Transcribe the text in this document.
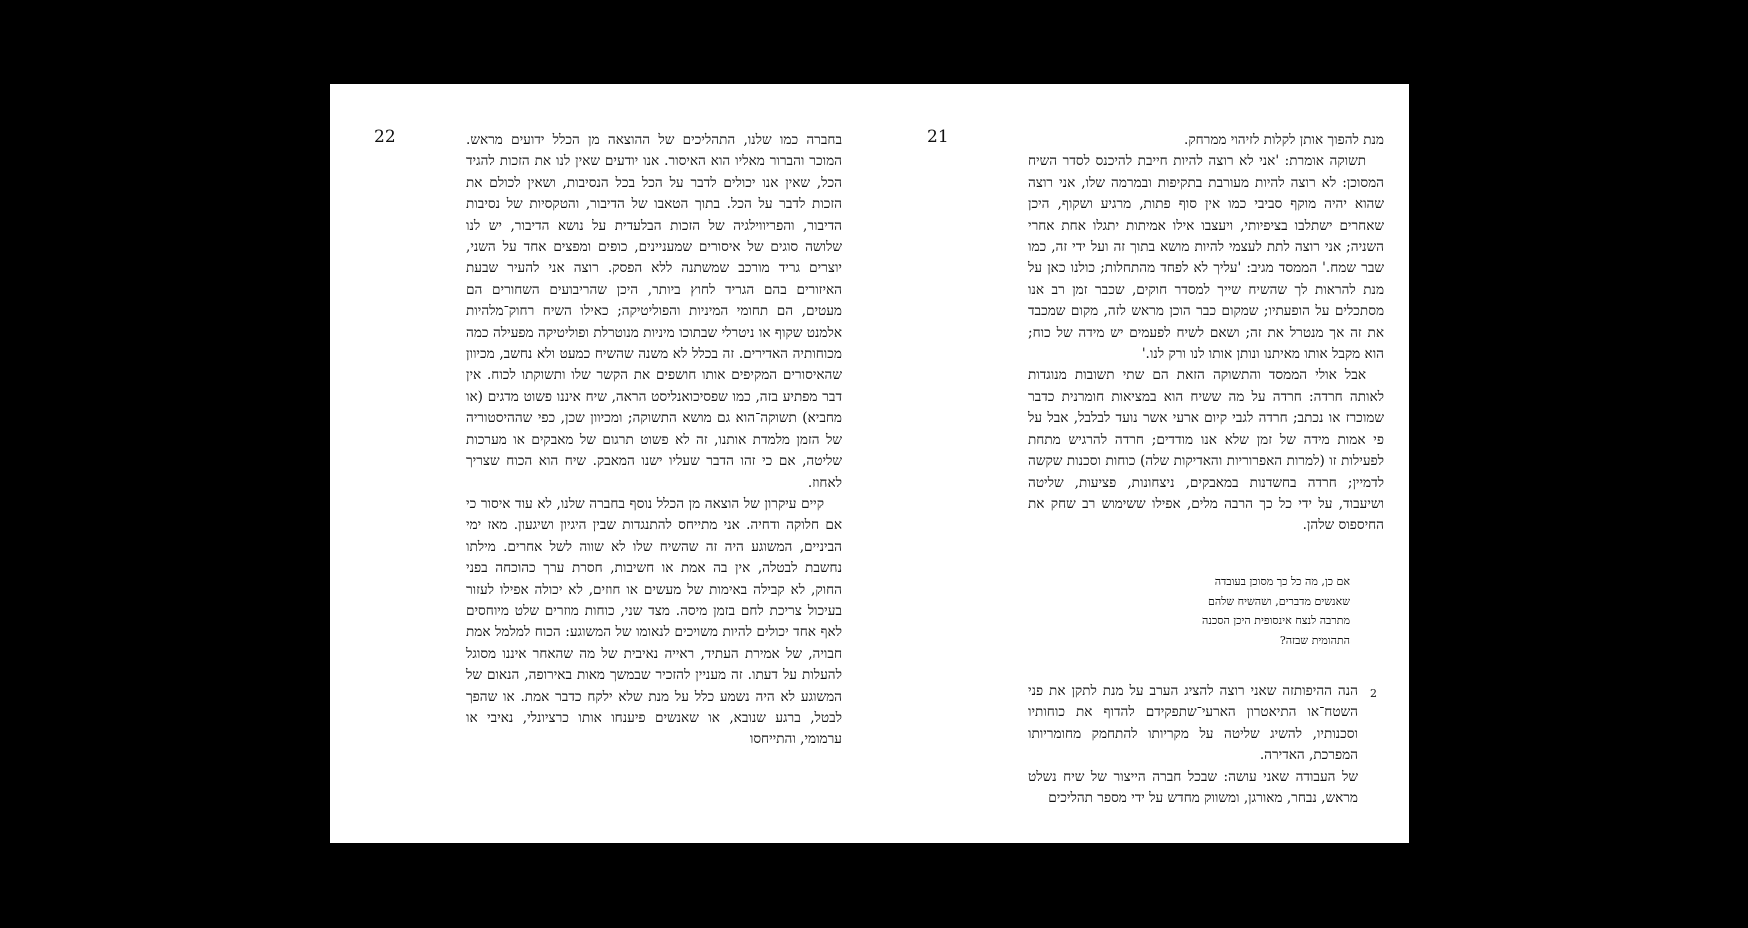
22	בחברה כמו שלנו, התהליכים של ההוצאה מן הכלל ידועים מראש. המוכר והברור מאליו הוא האיסור. אנו יודעים שאין לנו את הזכות להגיד הכל, שאין אנו יכולים לדבר על הכל בכל הנסיבות, ושאין לכולם את הזכות לדבר על הכל. בתוך הטאבו של הדיבור, והטקסיות של נסיבות הדיבור, והפריווילגיה של הזכות הבלעדית על נושא הדיבור, יש לנו שלושה סוגים של איסורים שמעניינים, כופים ומפצים אחד על השני, יוצרים גריד מורכב שמשתנה ללא הפסק. רוצה אני להעיר שבעת האיזורים בהם הגריד לחוץ ביותר, היכן שהריבועים השחורים הם מעטים, הם תחומי המיניות והפוליטיקה; כאילו השיח רחוק־מלהיות אלמנט שקוף או ניטרלי שבתוכו מיניות מנוטרלת ופוליטיקה מפעילה כמה מכוחותיה האדירים. זה בכלל לא משנה שהשיח כמעט ולא נחשב, מכיוון שהאיסורים המקיפים אותו חושפים את הקשר שלו ותשוקתו לכוח. אין דבר מפתיע בזה, כמו שפסיכואנליסט הראה, שיח איננו פשוט מדגים (או מחביא) תשוקה־הוא גם מושא התשוקה; ומכיוון שכן, כפי שההיסטוריה של הזמן מלמדת אותנו, זה לא פשוט תרגום של מאבקים או מערכות שליטה, אם כי זהו הדבר שעליו ישנו המאבק. שיח הוא הכוח שצריך לאחוז.

קיים עיקרון של הוצאה מן הכלל נוסף בחברה שלנו, לא עוד איסור כי אם חלוקה ודחיה. אני מתייחס להתנגדות שבין היגיון ושיגעון. מאז ימי הביניים, המשוגע היה זה שהשיח שלו לא שווה לשל אחרים. מילתו נחשבת לבטלה, אין בה אמת או חשיבות, חסרת ערך כהוכחה בפני החוק, לא קבילה באימות של מעשים או חוזים, לא יכולה אפילו לעזור בעיכול צריכת לחם בזמן מיסה. מצד שני, כוחות מוזרים שלט מיוחסים לאף אחד יכולים להיות משויכים לנאומו של המשוגע: הכוח למלמל אמת חבויה, של אמירת העתיד, ראייה נאיבית של מה שהאחר איננו מסוגל להעלות על דעתו. זה מעניין להזכיר שבמשך מאות באירופה, הנאום של המשוגע לא היה נשמע כלל על מנת שלא ילקח כדבר אמת. או שהפך לבטל, ברגע שנובא, או שאנשים פיענחו אותו כרציונלי, נאיבי או ערמומי, והתייחסו

21	מנת להפוך אותן לקלות לזיהוי ממרחק.

תשוקה אומרת: 'אני לא רוצה להיות חייבת להיכנס לסדר השיח המסוכן: לא רוצה להיות מעורבת בתקיפות ובמרמה שלו, אני רוצה שהוא יהיה מוקף סביבי כמו אין סוף פתות, מרגיע ושקוף, היכן שאחרים ישתלבו בציפיותי, ויעצבו אילו אמיתות יתגלו אחת אחרי השניה; אני רוצה לתת לעצמי להיות מושא בתוך זה ועל ידי זה, כמו שבר שמח.' הממסד מגיב: 'עליך לא לפחד מהתחלות; כולנו כאן על מנת להראות לך שהשיח שייך למסדר חוקים, שכבר זמן רב אנו מסתכלים על הופעתיו; שמקום כבר הוכן מראש לזה, מקום שמכבד את זה אך מנטרל את זה; ושאם לשיח לפעמים יש מידה של כוח; הוא מקבל אותו מאיתנו ונותן אותו לנו ורק לנו.'

אבל אולי הממסד והתשוקה הזאת הם שתי תשובות מנוגדות לאותה חרדה: חרדה על מה ששיח הוא במציאות חומרנית כדבר שמוכרז או נכתב; חרדה לגבי קיום ארעי אשר נועד לבלבל, אבל על פי אמות מידה של זמן שלא אנו מודדים; חרדה להרגיש מתחת לפעילות זו (למרות האפרוריות והאדיקות שלה) כוחות וסכנות שקשה לדמיין; חרדה בחשדנות במאבקים, ניצחונות, פציעות, שליטה ושיעבוד, על ידי כל כך הרבה מלים, אפילו ששימוש רב שחק את החיספוס שלהן.

אם כן, מה כל כך מסוכן בעובדה
שאנשים מדברים, ושהשיח שלהם
מתרבה לנצח אינסופית היכן הסכנה
התהומית שבזה?
2

הנה ההיפותזה שאני רוצה להציג הערב על מנת לתקן את פני השטח־או התיאטרון הארעי־שתפקידם להדוף את כוחותיו וסכנותיו, להשיג שליטה על מקריותו להתחמק מחומריותו המפרכת, האדירה.

של העבודה שאני עושה: שבכל חברה הייצור של שיח נשלט מראש, נבחר, מאורגן, ומשווק מחדש על ידי מספר תהליכים
